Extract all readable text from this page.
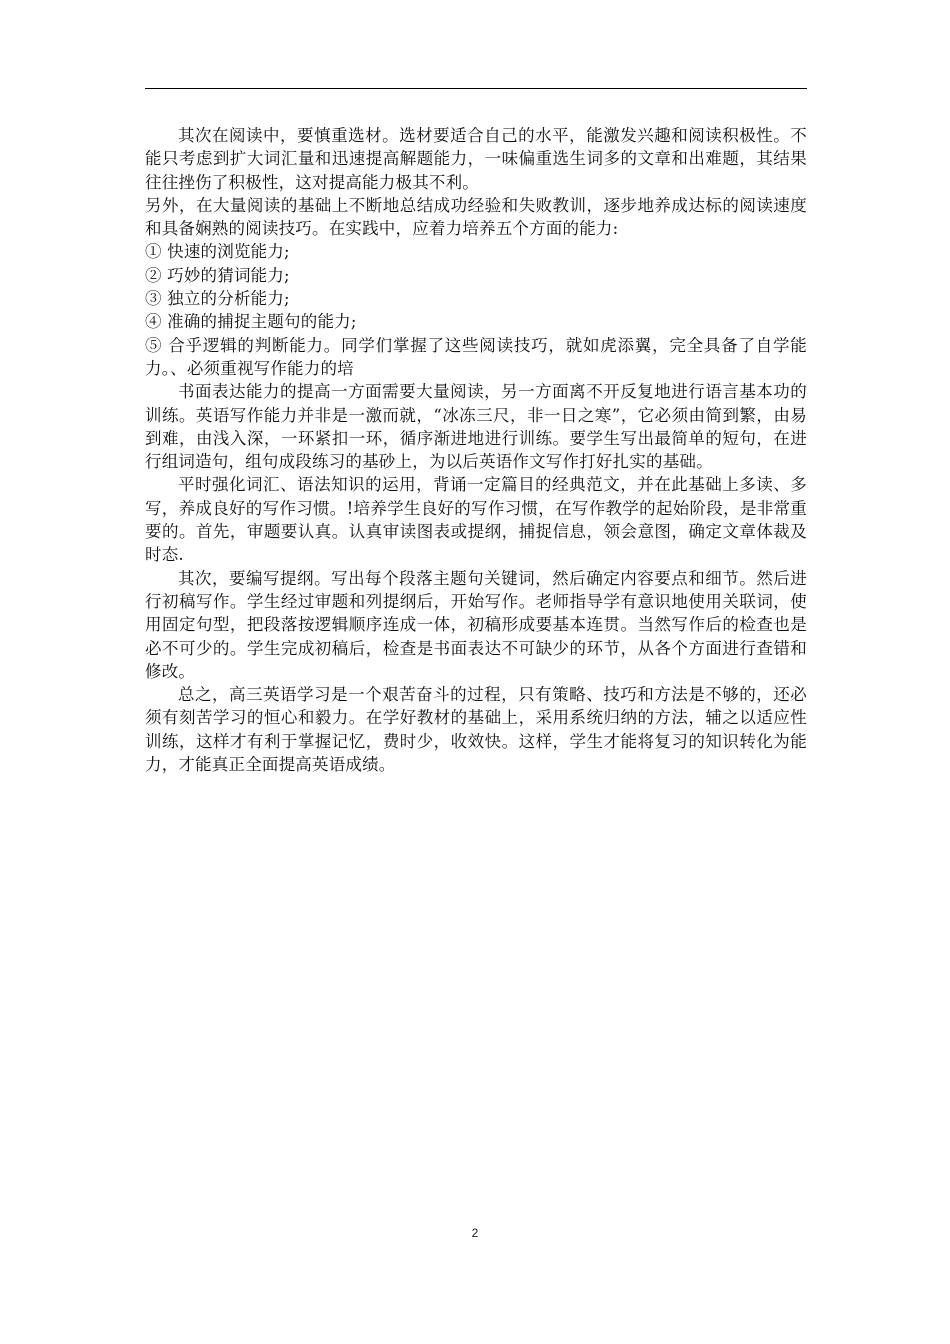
其次在阅读中，要慎重选材。选材要适合自己的水平，能激发兴趣和阅读积极性。不能只考虑到扩大词汇量和迅速提高解题能力，一味偏重选生词多的文章和出难题，其结果往往挫伤了积极性，这对提高能力极其不利。

另外，在大量阅读的基础上不断地总结成功经验和失败教训，逐步地养成达标的阅读速度和具备娴熟的阅读技巧。在实践中，应着力培养五个方面的能力:

① 快速的浏览能力;

② 巧妙的猜词能力;

③ 独立的分析能力;

④ 准确的捕捉主题句的能力;

⑤ 合乎逻辑的判断能力。同学们掌握了这些阅读技巧，就如虎添翼，完全具备了自学能力。、必须重视写作能力的培

书面表达能力的提高一方面需要大量阅读，另一方面离不开反复地进行语言基本功的训练。英语写作能力并非是一激而就，“冰冻三尺，非一日之寒”，它必须由简到繁，由易到难，由浅入深，一环紧扣一环，循序渐进地进行训练。要学生写出最简单的短句，在进行组词造句，组句成段练习的基砂上，为以后英语作文写作打好扎实的基础。

平时强化词汇、语法知识的运用，背诵一定篇目的经典范文，并在此基础上多读、多写，养成良好的写作习惯。!培养学生良好的写作习惯，在写作教学的起始阶段，是非常重要的。首先，审题要认真。认真审读图表或提纲，捕捉信息，领会意图，确定文章体裁及时态.

其次，要编写提纲。写出每个段落主题句关键词，然后确定内容要点和细节。然后进行初稿写作。学生经过审题和列提纲后，开始写作。老师指导学有意识地使用关联词，使用固定句型，把段落按逻辑顺序连成一体，初稿形成要基本连贯。当然写作后的检查也是必不可少的。学生完成初稿后，检查是书面表达不可缺少的环节，从各个方面进行查错和修改。

总之，高三英语学习是一个艰苦奋斗的过程，只有策略、技巧和方法是不够的，还必须有刻苦学习的恒心和毅力。在学好教材的基础上，采用系统归纳的方法，辅之以适应性训练，这样才有利于掌握记忆，费时少，收效快。这样，学生才能将复习的知识转化为能力，才能真正全面提高英语成绩。

2
